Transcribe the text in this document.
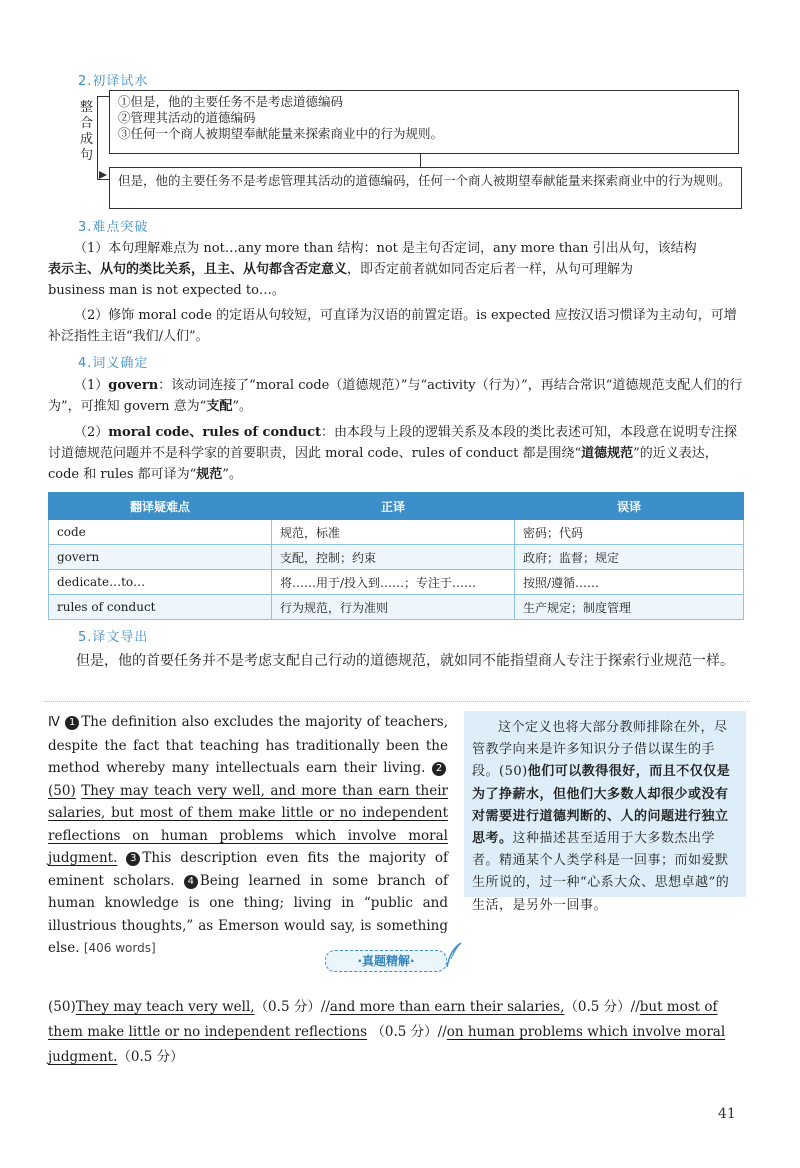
2.初译试水
整合成句
①但是，他的主要任务不是考虑道德编码
②管理其活动的道德编码
③任何一个商人被期望奉献能量来探索商业中的行为规则。
但是，他的主要任务不是考虑管理其活动的道德编码，任何一个商人被期望奉献能量来探索商业中的行为规则。
3.难点突破
（1）本句理解难点为 not…any more than 结构：not 是主句否定词，any more than 引出从句，该结构
表示主、从句的类比关系，且主、从句都含否定意义，即否定前者就如同否定后者一样，从句可理解为
business man is not expected to…。
（2）修饰 moral code 的定语从句较短，可直译为汉语的前置定语。is expected 应按汉语习惯译为主动句，可增补泛指性主语“我们/人们”。
4.词义确定
（1）govern：该动词连接了“moral code（道德规范）”与“activity（行为）”，再结合常识“道德规范支配人们的行为”，可推知 govern 意为“支配”。
（2）moral code、rules of conduct：由本段与上段的逻辑关系及本段的类比表述可知，本段意在说明专注探讨道德规范问题并不是科学家的首要职责，因此 moral code、rules of conduct 都是围绕“道德规范”的近义表达，code 和 rules 都可译为“规范”。
翻译疑难点	正译	误译
code	规范，标准	密码；代码
govern	支配，控制；约束	政府；监督；规定
dedicate…to…	将……用于/投入到……；专注于……	按照/遵循……
rules of conduct	行为规范，行为准则	生产规定；制度管理
5.译文导出
但是，他的首要任务并不是考虑支配自己行动的道德规范，就如同不能指望商人专注于探索行业规范一样。
Ⅳ 1 The definition also excludes the majority of teachers, despite the fact that teaching has traditionally been the method whereby many intellectuals earn their living. 2(50) They may teach very well, and more than earn their salaries, but most of them make little or no independent reflections on human problems which involve moral judgment. 3 This description even fits the majority of eminent scholars. 4 Being learned in some branch of human knowledge is one thing; living in “public and illustrious thoughts,” as Emerson would say, is something else. [406 words]
这个定义也将大部分教师排除在外，尽管教学向来是许多知识分子借以谋生的手段。(50)他们可以教得很好，而且不仅仅是为了挣薪水，但他们大多数人却很少或没有对需要进行道德判断的、人的问题进行独立思考。这种描述甚至适用于大多数杰出学者。精通某个人类学科是一回事；而如爱默生所说的，过一种“心系大众、思想卓越”的生活，是另外一回事。
·真题精解·
(50)They may teach very well,（0.5 分）//and more than earn their salaries,（0.5 分）//but most of them make little or no independent reflections （0.5 分）//on human problems which involve moral judgment.（0.5 分）
41
